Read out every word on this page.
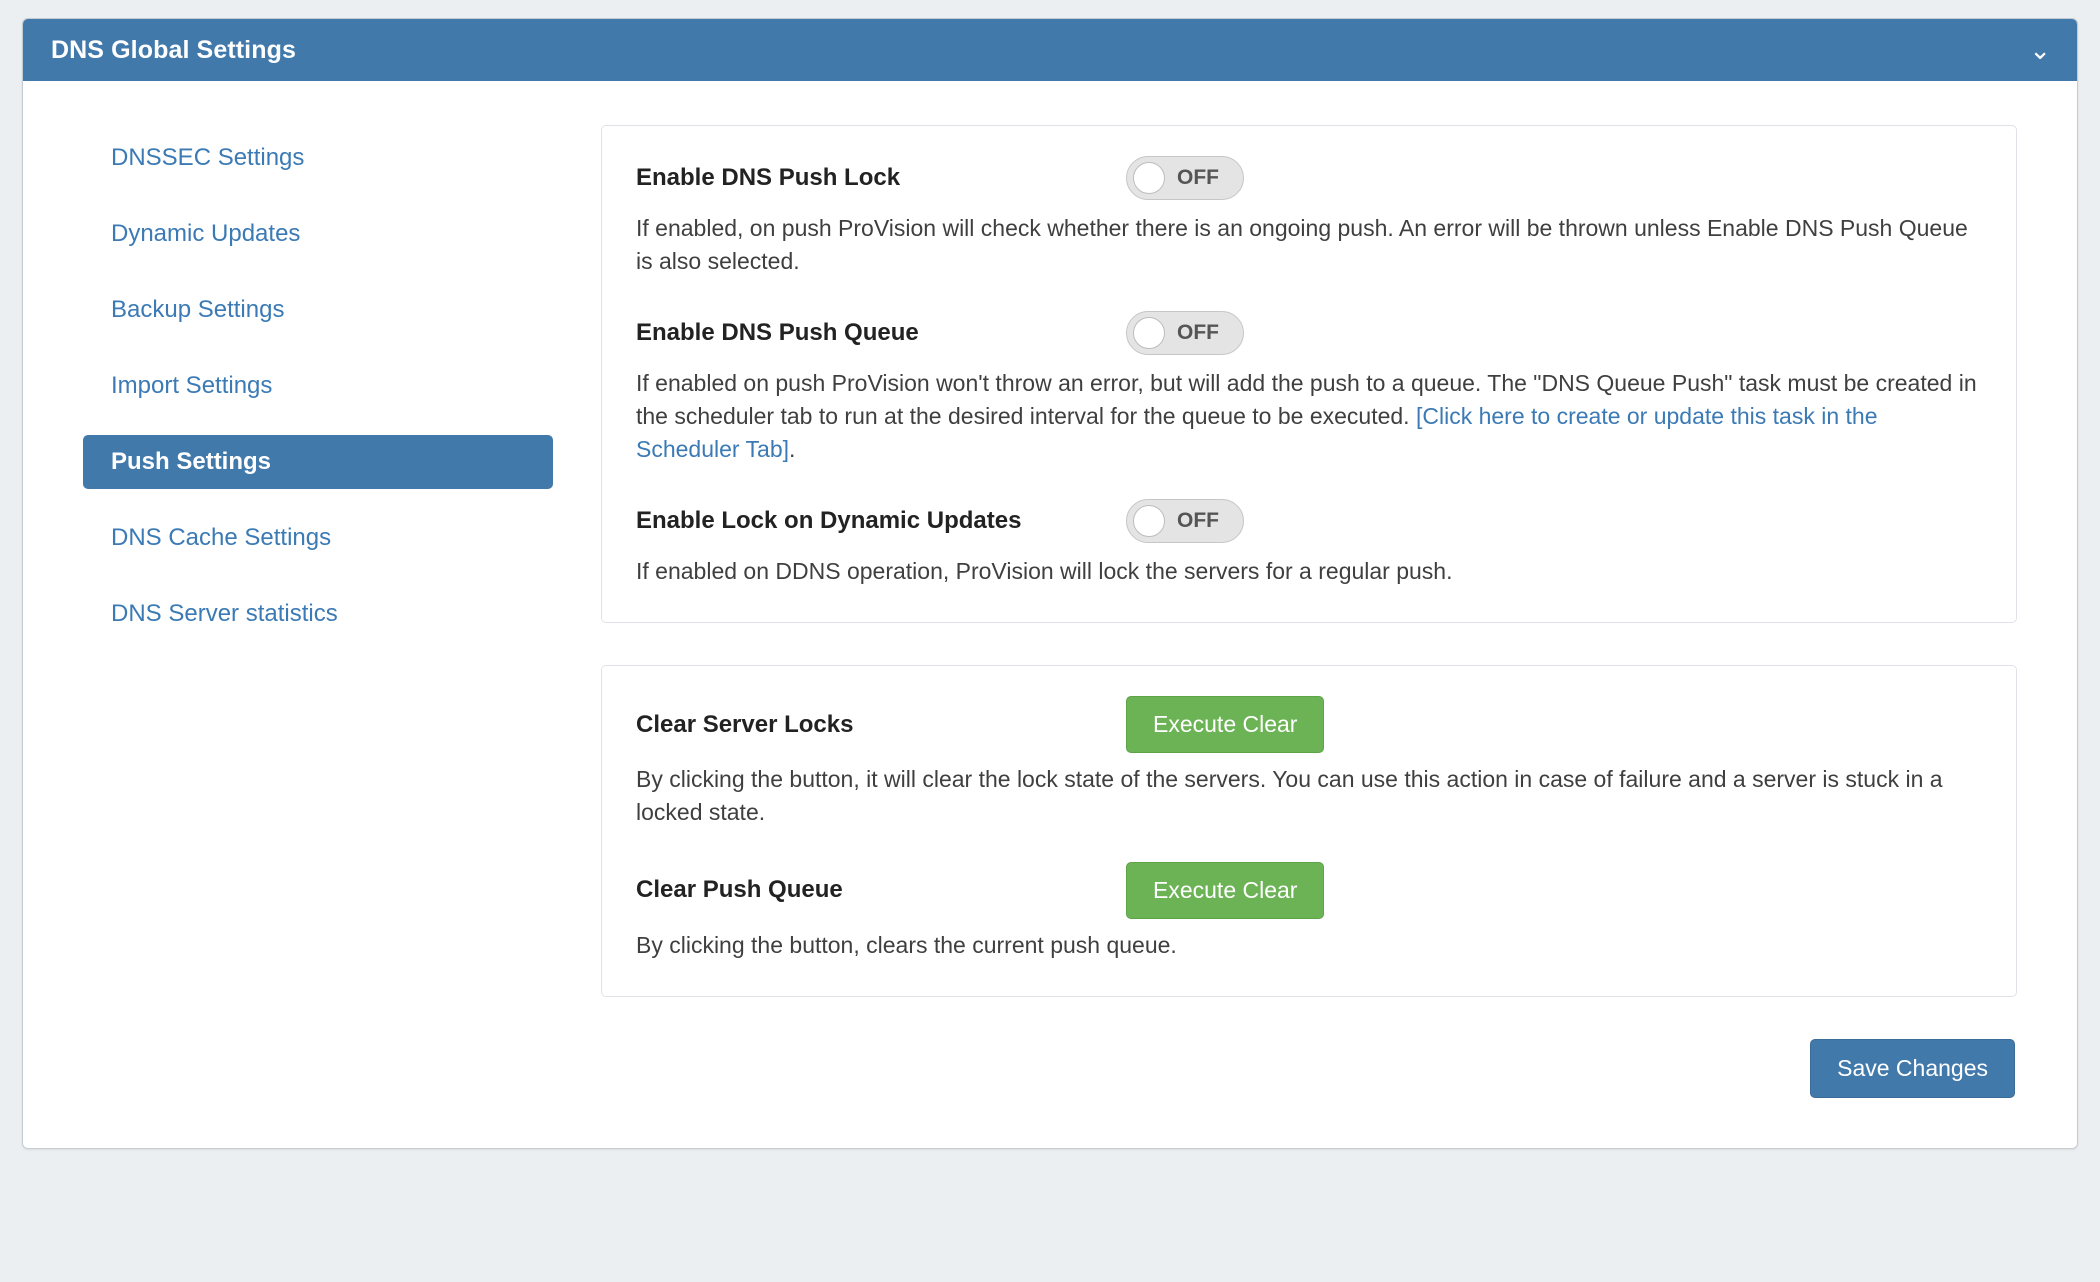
DNS Global Settings	⌄
DNSSEC Settings
Dynamic Updates
Backup Settings
Import Settings
Push Settings
DNS Cache Settings
DNS Server statistics
Enable DNS Push Lock	OFF
If enabled, on push ProVision will check whether there is an ongoing push. An error will be thrown unless Enable DNS Push Queue is also selected.
Enable DNS Push Queue	OFF
If enabled on push ProVision won't throw an error, but will add the push to a queue. The "DNS Queue Push" task must be created in the scheduler tab to run at the desired interval for the queue to be executed. [Click here to create or update this task in the Scheduler Tab].
Enable Lock on Dynamic Updates	OFF
If enabled on DDNS operation, ProVision will lock the servers for a regular push.
Clear Server Locks	Execute Clear
By clicking the button, it will clear the lock state of the servers. You can use this action in case of failure and a server is stuck in a locked state.
Clear Push Queue	Execute Clear
By clicking the button, clears the current push queue.
Save Changes
